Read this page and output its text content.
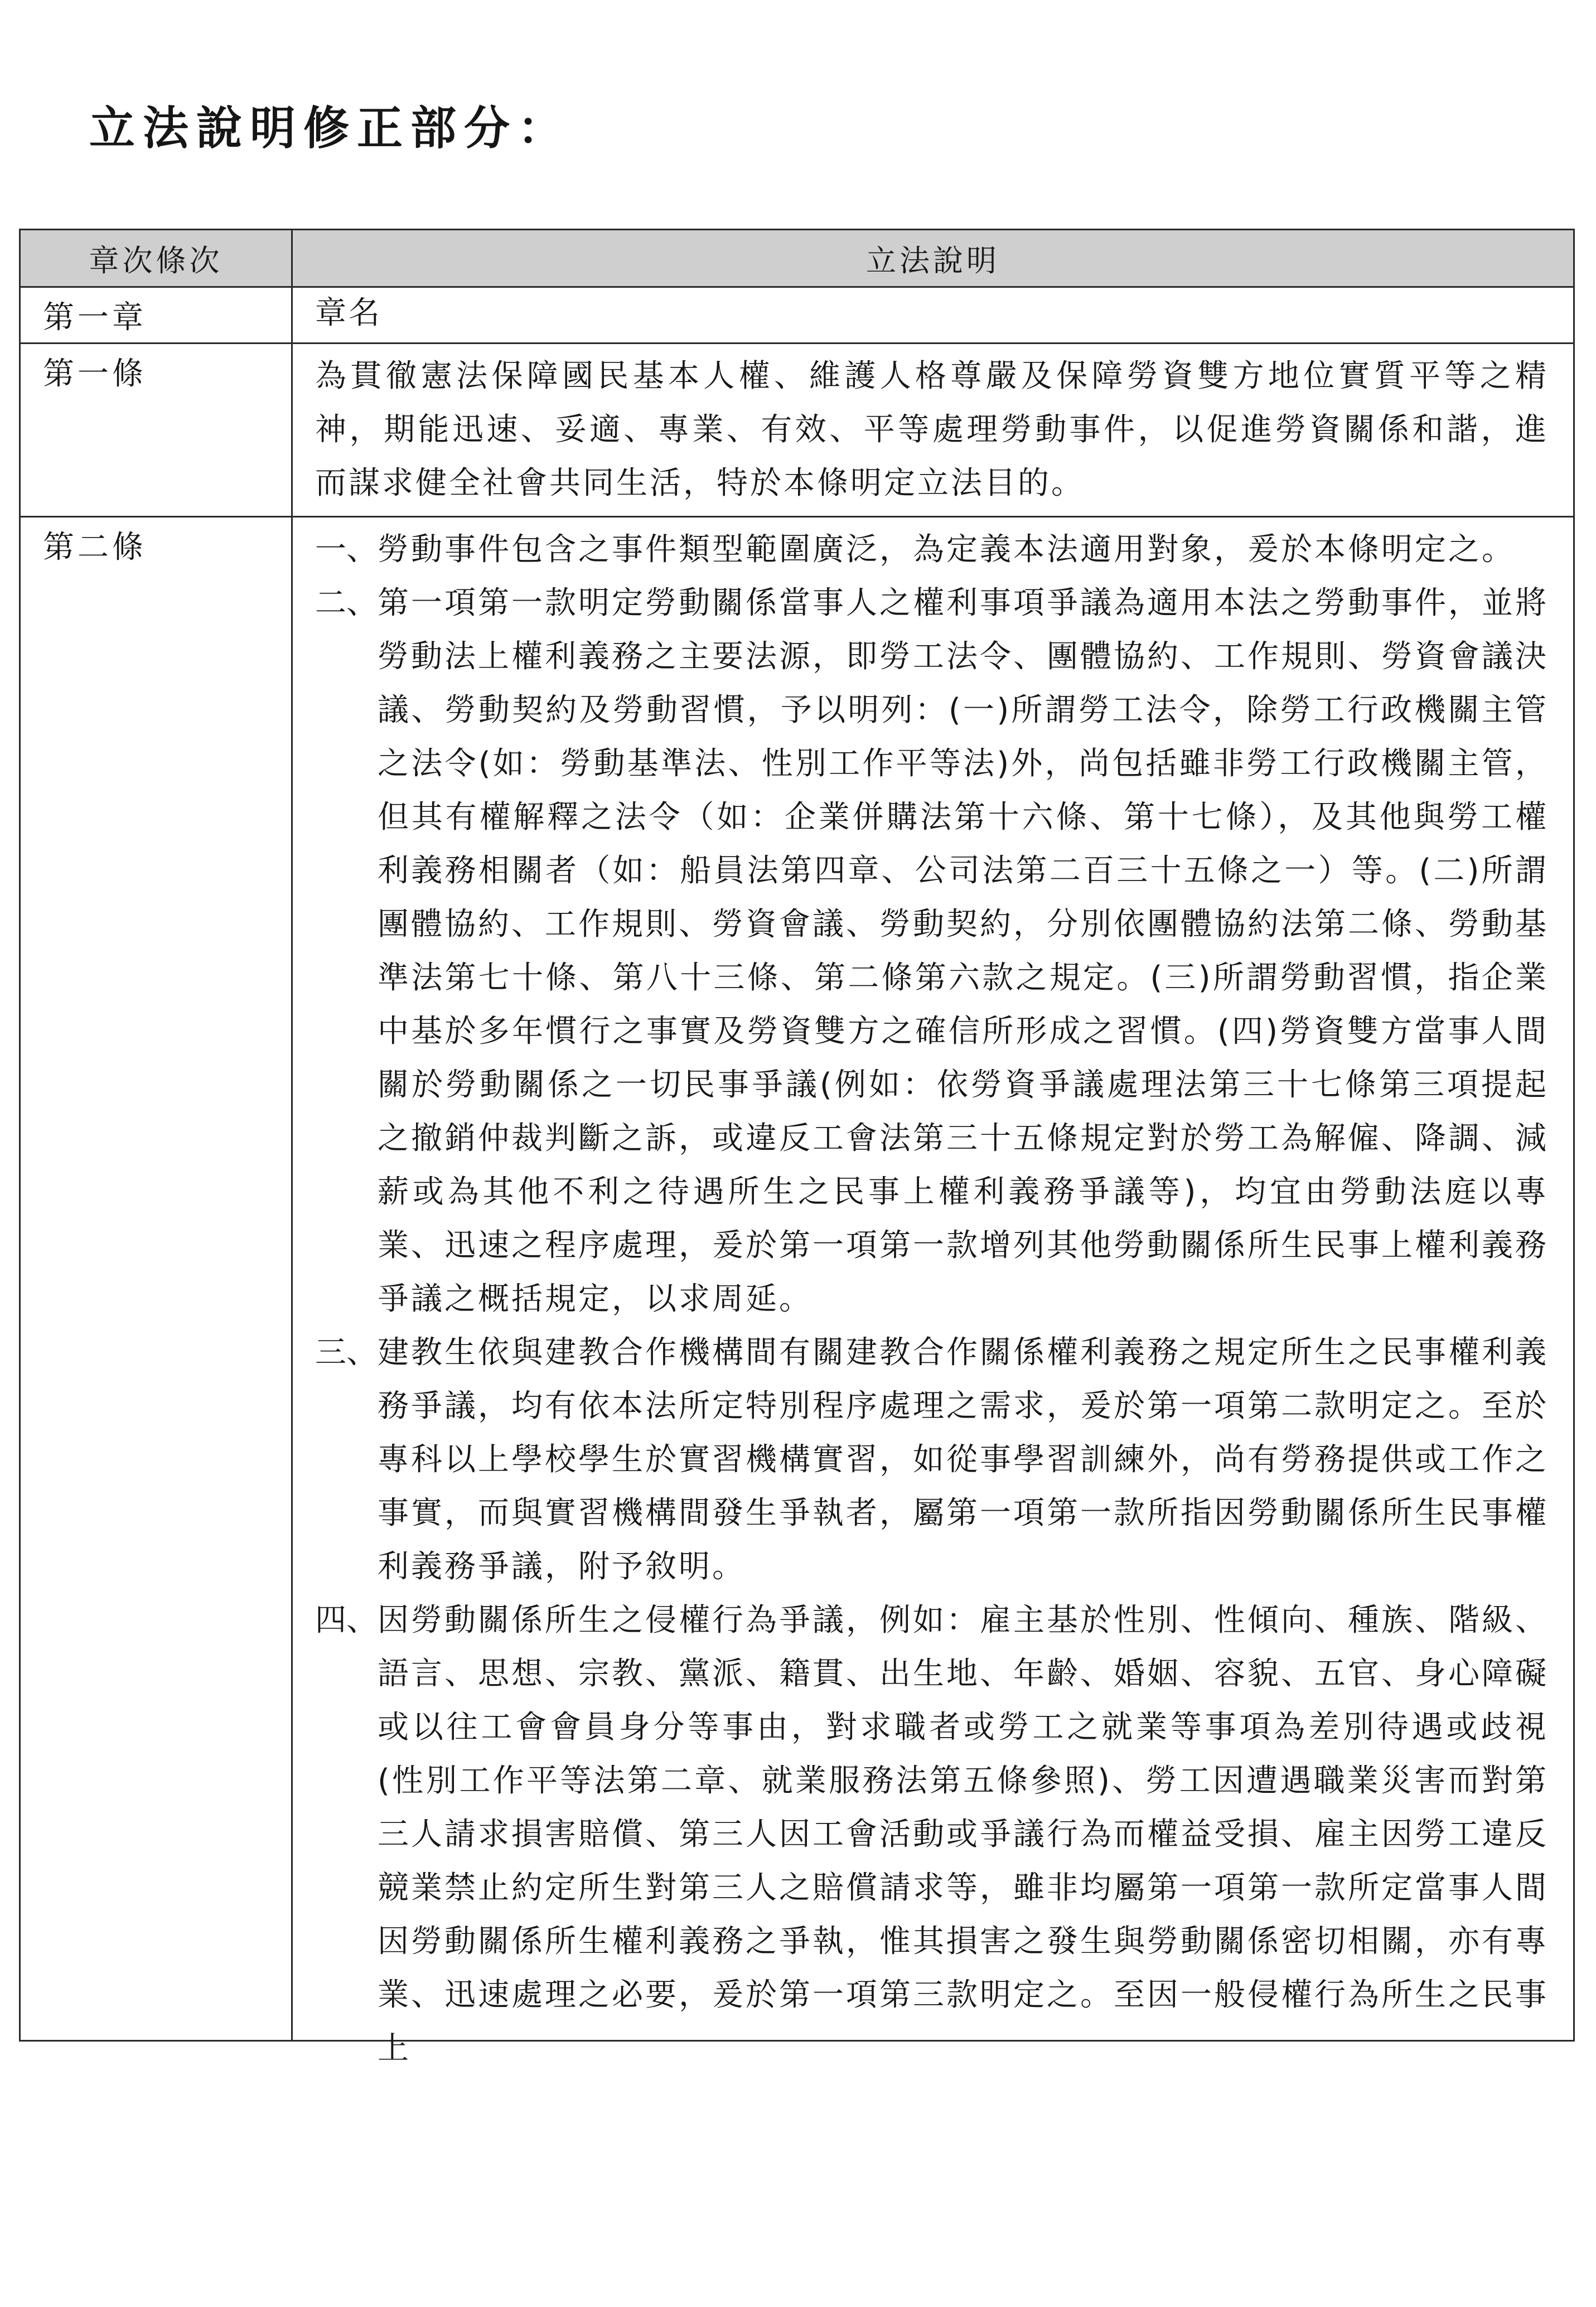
立法說明修正部分：
章次條次	立法說明
第一章	章名
第一條	為貫徹憲法保障國民基本人權、維護人格尊嚴及保障勞資雙方地位實質平等之精神，期能迅速、妥適、專業、有效、平等處理勞動事件，以促進勞資關係和諧，進而謀求健全社會共同生活，特於本條明定立法目的。
第二條	一、勞動事件包含之事件類型範圍廣泛，為定義本法適用對象，爰於本條明定之。
二、第一項第一款明定勞動關係當事人之權利事項爭議為適用本法之勞動事件，並將勞動法上權利義務之主要法源，即勞工法令、團體協約、工作規則、勞資會議決議、勞動契約及勞動習慣，予以明列：(一)所謂勞工法令，除勞工行政機關主管之法令(如：勞動基準法、性別工作平等法)外，尚包括雖非勞工行政機關主管，但其有權解釋之法令（如：企業併購法第十六條、第十七條），及其他與勞工權利義務相關者（如：船員法第四章、公司法第二百三十五條之一）等。(二)所謂團體協約、工作規則、勞資會議、勞動契約，分別依團體協約法第二條、勞動基準法第七十條、第八十三條、第二條第六款之規定。(三)所謂勞動習慣，指企業中基於多年慣行之事實及勞資雙方之確信所形成之習慣。(四)勞資雙方當事人間關於勞動關係之一切民事爭議(例如：依勞資爭議處理法第三十七條第三項提起之撤銷仲裁判斷之訴，或違反工會法第三十五條規定對於勞工為解僱、降調、減薪或為其他不利之待遇所生之民事上權利義務爭議等)，均宜由勞動法庭以專業、迅速之程序處理，爰於第一項第一款增列其他勞動關係所生民事上權利義務爭議之概括規定，以求周延。
三、建教生依與建教合作機構間有關建教合作關係權利義務之規定所生之民事權利義務爭議，均有依本法所定特別程序處理之需求，爰於第一項第二款明定之。至於專科以上學校學生於實習機構實習，如從事學習訓練外，尚有勞務提供或工作之事實，而與實習機構間發生爭執者，屬第一項第一款所指因勞動關係所生民事權利義務爭議，附予敘明。
四、因勞動關係所生之侵權行為爭議，例如：雇主基於性別、性傾向、種族、階級、語言、思想、宗教、黨派、籍貫、出生地、年齡、婚姻、容貌、五官、身心障礙或以往工會會員身分等事由，對求職者或勞工之就業等事項為差別待遇或歧視(性別工作平等法第二章、就業服務法第五條參照)、勞工因遭遇職業災害而對第三人請求損害賠償、第三人因工會活動或爭議行為而權益受損、雇主因勞工違反競業禁止約定所生對第三人之賠償請求等，雖非均屬第一項第一款所定當事人間因勞動關係所生權利義務之爭執，惟其損害之發生與勞動關係密切相關，亦有專業、迅速處理之必要，爰於第一項第三款明定之。至因一般侵權行為所生之民事上
